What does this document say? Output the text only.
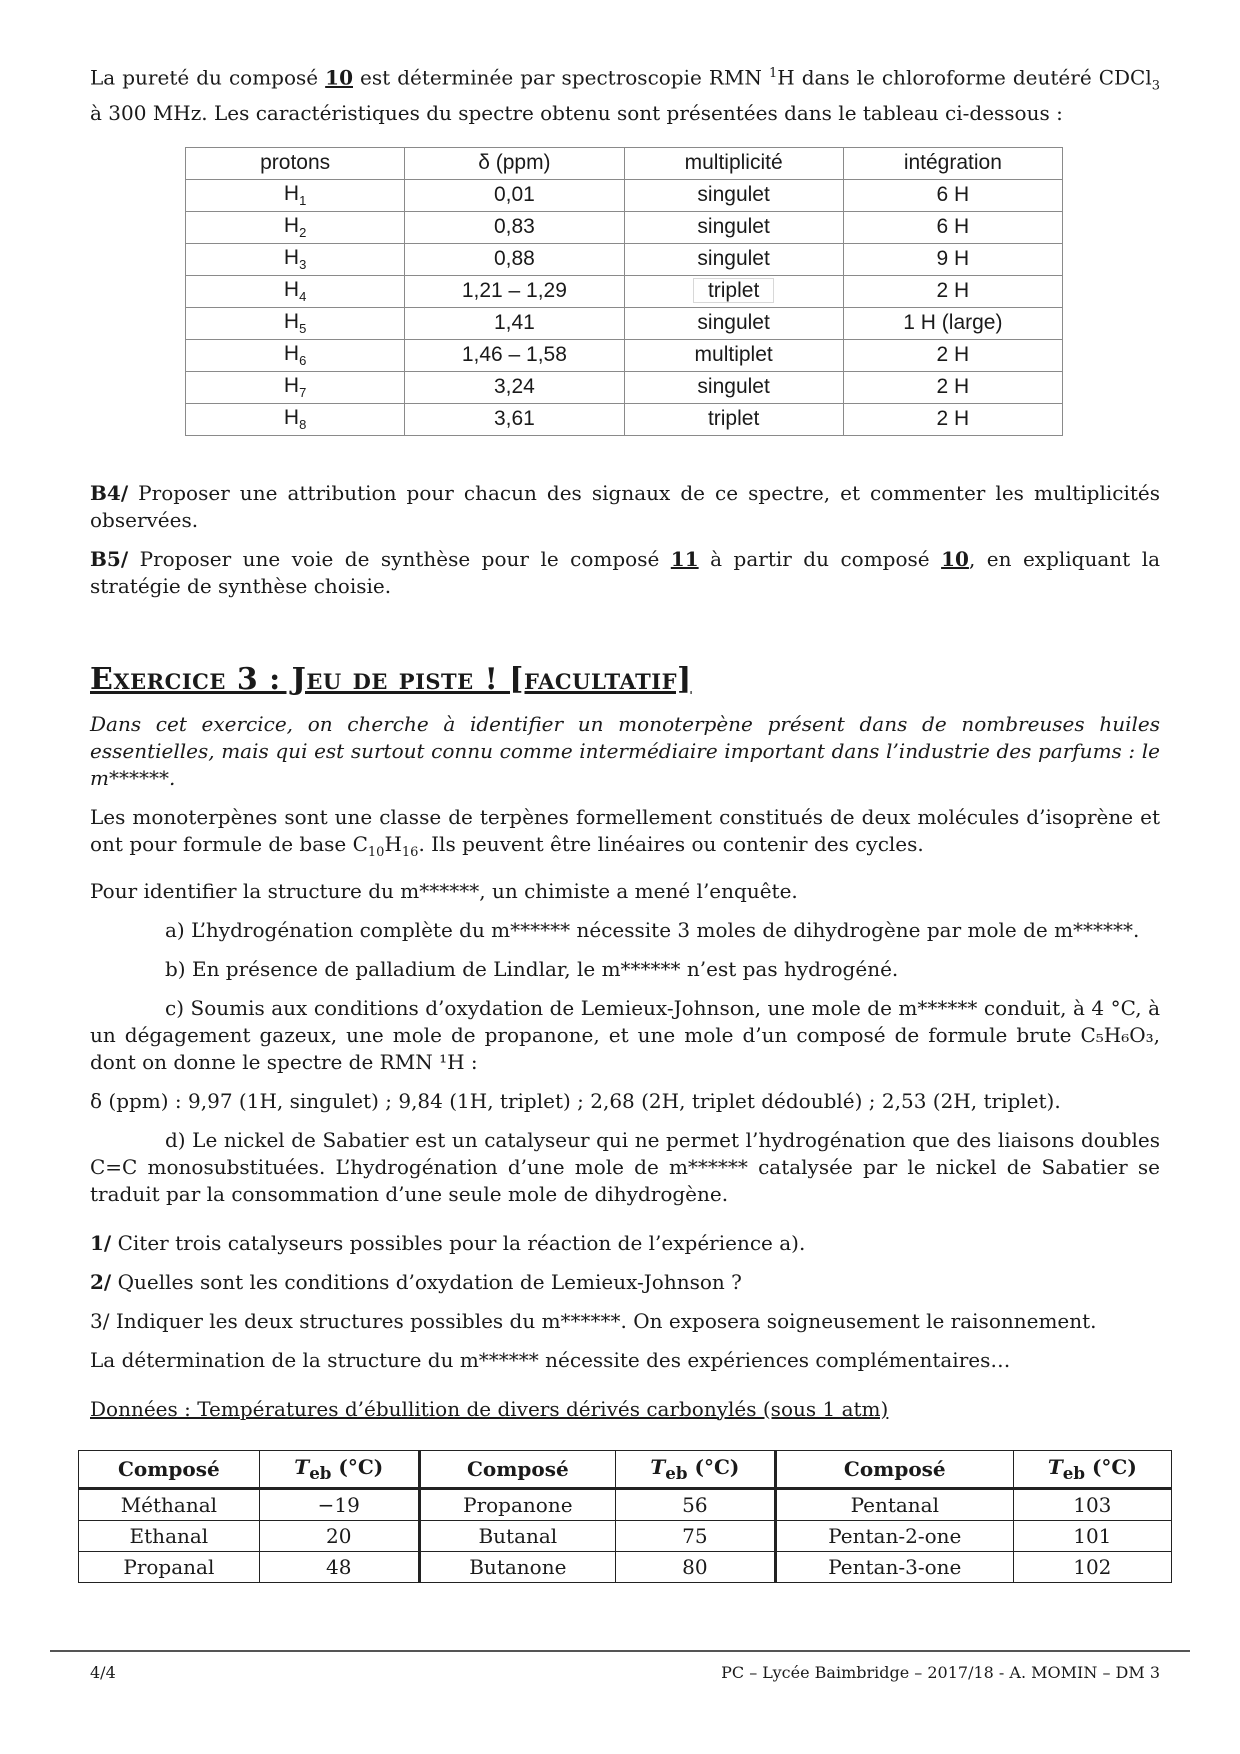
La pureté du composé 10 est déterminée par spectroscopie RMN $^1$H dans le chloroforme deutéré CDCl$_3$ à 300 MHz. Les caractéristiques du spectre obtenu sont présentées dans le tableau ci-dessous :

protons	δ (ppm)	multiplicité	intégration
$H_1$	0,01	singulet	6 H
$H_2$	0,83	singulet	6 H
$H_3$	0,88	singulet	9 H
$H_4$	1,21 – 1,29	triplet	2 H
$H_5$	1,41	singulet	1 H (large)
$H_6$	1,46 – 1,58	multiplet	2 H
$H_7$	3,24	singulet	2 H
$H_8$	3,61	triplet	2 H

B4/ Proposer une attribution pour chacun des signaux de ce spectre, et commenter les multiplicités observées.

B5/ Proposer une voie de synthèse pour le composé 11 à partir du composé 10, en expliquant la stratégie de synthèse choisie.

Exercice 3 : Jeu de piste ! [facultatif]

Dans cet exercice, on cherche à identifier un monoterpène présent dans de nombreuses huiles essentielles, mais qui est surtout connu comme intermédiaire important dans l’industrie des parfums : le m******.

Les monoterpènes sont une classe de terpènes formellement constitués de deux molécules d’isoprène et ont pour formule de base $C_{10}H_{16}$. Ils peuvent être linéaires ou contenir des cycles.

Pour identifier la structure du m******, un chimiste a mené l’enquête.

a) L’hydrogénation complète du m****** nécessite 3 moles de dihydrogène par mole de m******.

b) En présence de palladium de Lindlar, le m****** n’est pas hydrogéné.

c) Soumis aux conditions d’oxydation de Lemieux-Johnson, une mole de m****** conduit, à 4 °C, à un dégagement gazeux, une mole de propanone, et une mole d’un composé de formule brute C₅H₆O₃, dont on donne le spectre de RMN ¹H :

δ (ppm) : 9,97 (1H, singulet) ; 9,84 (1H, triplet) ; 2,68 (2H, triplet dédoublé) ; 2,53 (2H, triplet).

d) Le nickel de Sabatier est un catalyseur qui ne permet l’hydrogénation que des liaisons doubles C=C monosubstituées. L’hydrogénation d’une mole de m****** catalysée par le nickel de Sabatier se traduit par la consommation d’une seule mole de dihydrogène.

1/ Citer trois catalyseurs possibles pour la réaction de l’expérience a).

2/ Quelles sont les conditions d’oxydation de Lemieux-Johnson ?

3/ Indiquer les deux structures possibles du m******. On exposera soigneusement le raisonnement.

La détermination de la structure du m****** nécessite des expériences complémentaires…

Données : Températures d’ébullition de divers dérivés carbonylés (sous 1 atm)

Composé	$T_{eb}$ (°C)	Composé	$T_{eb}$ (°C)	Composé	$T_{eb}$ (°C)
Méthanal	−19	Propanone	56	Pentanal	103
Ethanal	20	Butanal	75	Pentan-2-one	101
Propanal	48	Butanone	80	Pentan-3-one	102
4/4	PC – Lycée Baimbridge – 2017/18 - A. MOMIN – DM 3
